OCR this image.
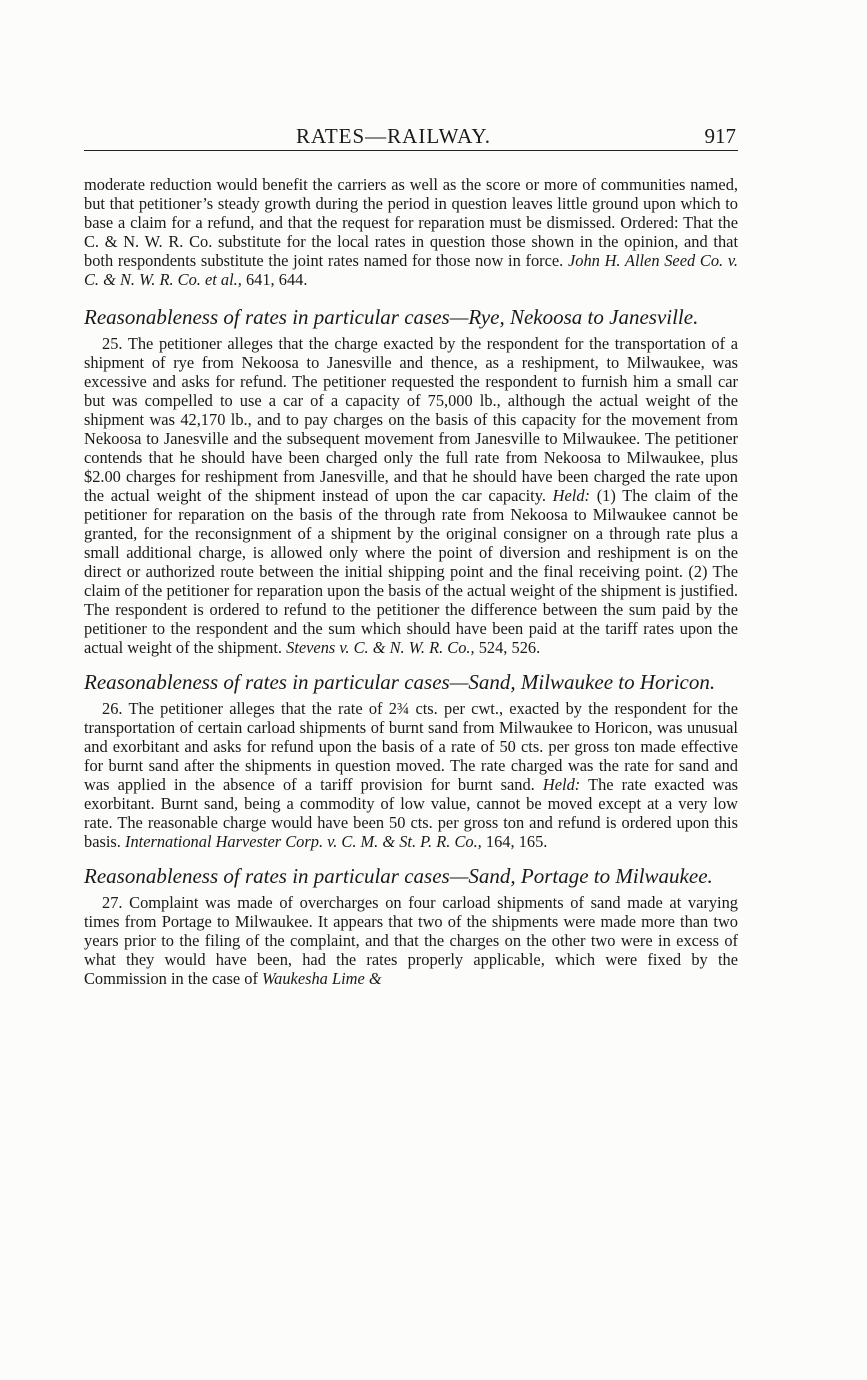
RATES—RAILWAY.	917

moderate reduction would benefit the carriers as well as the score or more of communities named, but that petitioner’s steady growth during the period in question leaves little ground upon which to base a claim for a refund, and that the request for reparation must be dismissed. Ordered: That the C. & N. W. R. Co. substitute for the local rates in question those shown in the opinion, and that both respondents substitute the joint rates named for those now in force. John H. Allen Seed Co. v. C. & N. W. R. Co. et al., 641, 644.

Reasonableness of rates in particular cases—Rye, Nekoosa to Janesville.

25. The petitioner alleges that the charge exacted by the respondent for the transportation of a shipment of rye from Nekoosa to Janesville and thence, as a reshipment, to Milwaukee, was excessive and asks for refund. The petitioner requested the respondent to furnish him a small car but was compelled to use a car of a capacity of 75,000 lb., although the actual weight of the shipment was 42,170 lb., and to pay charges on the basis of this capacity for the movement from Nekoosa to Janesville and the subsequent movement from Janesville to Milwaukee. The petitioner contends that he should have been charged only the full rate from Nekoosa to Milwaukee, plus $2.00 charges for reshipment from Janesville, and that he should have been charged the rate upon the actual weight of the shipment instead of upon the car capacity. Held: (1) The claim of the petitioner for reparation on the basis of the through rate from Nekoosa to Milwaukee cannot be granted, for the reconsignment of a shipment by the original consigner on a through rate plus a small additional charge, is allowed only where the point of diversion and reshipment is on the direct or authorized route between the initial shipping point and the final receiving point. (2) The claim of the petitioner for reparation upon the basis of the actual weight of the shipment is justified. The respondent is ordered to refund to the petitioner the difference between the sum paid by the petitioner to the respondent and the sum which should have been paid at the tariff rates upon the actual weight of the shipment. Stevens v. C. & N. W. R. Co., 524, 526.

Reasonableness of rates in particular cases—Sand, Milwaukee to Horicon.

26. The petitioner alleges that the rate of 2¾ cts. per cwt., exacted by the respondent for the transportation of certain carload shipments of burnt sand from Milwaukee to Horicon, was unusual and exorbitant and asks for refund upon the basis of a rate of 50 cts. per gross ton made effective for burnt sand after the shipments in question moved. The rate charged was the rate for sand and was applied in the absence of a tariff provision for burnt sand. Held: The rate exacted was exorbitant. Burnt sand, being a commodity of low value, cannot be moved except at a very low rate. The reasonable charge would have been 50 cts. per gross ton and refund is ordered upon this basis. International Harvester Corp. v. C. M. & St. P. R. Co., 164, 165.

Reasonableness of rates in particular cases—Sand, Portage to Milwaukee.

27. Complaint was made of overcharges on four carload shipments of sand made at varying times from Portage to Milwaukee. It appears that two of the shipments were made more than two years prior to the filing of the complaint, and that the charges on the other two were in excess of what they would have been, had the rates properly applicable, which were fixed by the Commission in the case of Waukesha Lime &
